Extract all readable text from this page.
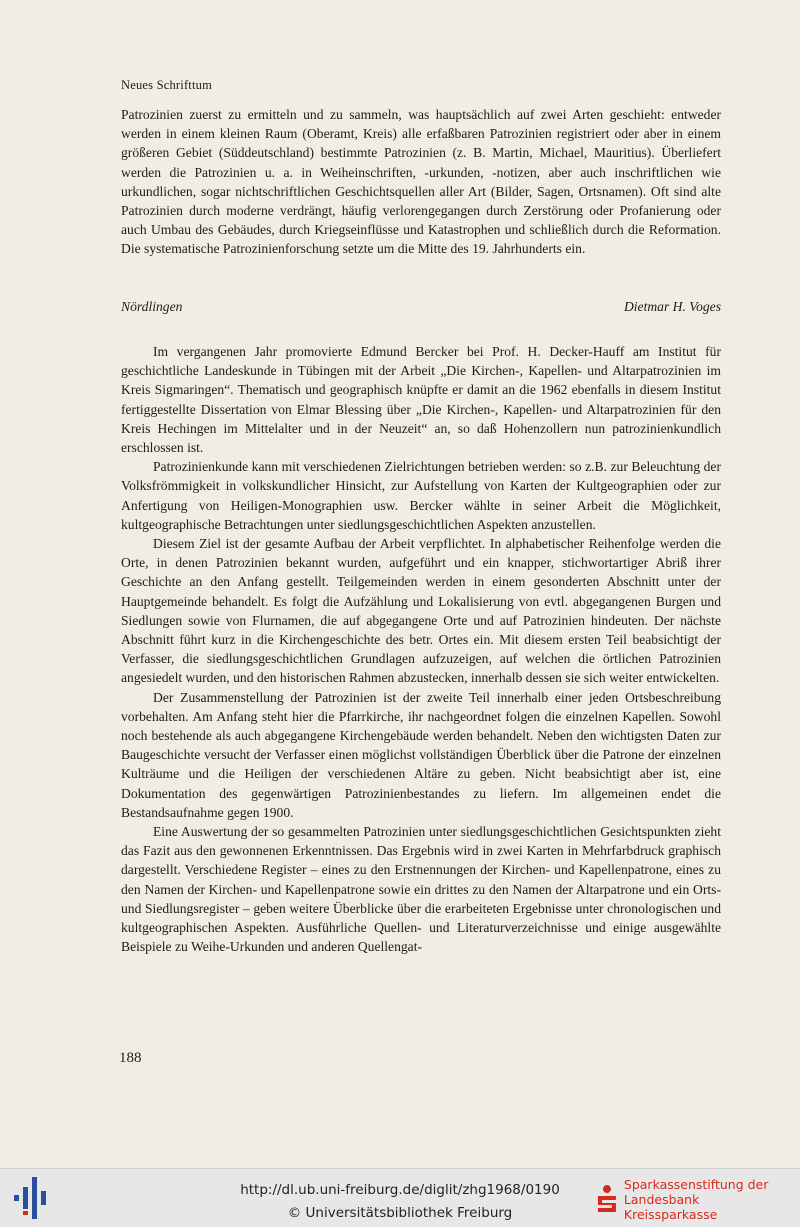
Neues Schrifttum

Patrozinien zuerst zu ermitteln und zu sammeln, was hauptsächlich auf zwei Arten geschieht: entweder werden in einem kleinen Raum (Oberamt, Kreis) alle erfaßbaren Patrozinien registriert oder aber in einem größeren Gebiet (Süddeutschland) bestimmte Patrozinien (z. B. Martin, Michael, Mauritius). Überliefert werden die Patrozinien u. a. in Weiheinschriften, -urkunden, -notizen, aber auch inschriftlichen wie urkundlichen, sogar nichtschriftlichen Geschichtsquellen aller Art (Bilder, Sagen, Ortsnamen). Oft sind alte Patrozinien durch moderne verdrängt, häufig verlorengegangen durch Zerstörung oder Profanierung oder auch Umbau des Gebäudes, durch Kriegseinflüsse und Katastrophen und schließlich durch die Reformation. Die systematische Patrozinienforschung setzte um die Mitte des 19. Jahrhunderts ein.

Nördlingen	Dietmar H. Voges

Im vergangenen Jahr promovierte Edmund Bercker bei Prof. H. Decker-Hauff am Institut für geschichtliche Landeskunde in Tübingen mit der Arbeit „Die Kirchen-, Kapellen- und Altarpatrozinien im Kreis Sigmaringen“. Thematisch und geographisch knüpfte er damit an die 1962 ebenfalls in diesem Institut fertiggestellte Dissertation von Elmar Blessing über „Die Kirchen-, Kapellen- und Altarpatrozinien für den Kreis Hechingen im Mittelalter und in der Neuzeit“ an, so daß Hohenzollern nun patrozinienkundlich erschlossen ist.

Patrozinienkunde kann mit verschiedenen Zielrichtungen betrieben werden: so z.B. zur Beleuchtung der Volksfrömmigkeit in volkskundlicher Hinsicht, zur Aufstellung von Karten der Kultgeographien oder zur Anfertigung von Heiligen-Monographien usw. Bercker wählte in seiner Arbeit die Möglichkeit, kultgeographische Betrachtungen unter siedlungsgeschichtlichen Aspekten anzustellen.

Diesem Ziel ist der gesamte Aufbau der Arbeit verpflichtet. In alphabetischer Reihenfolge werden die Orte, in denen Patrozinien bekannt wurden, aufgeführt und ein knapper, stichwortartiger Abriß ihrer Geschichte an den Anfang gestellt. Teilgemeinden werden in einem gesonderten Abschnitt unter der Hauptgemeinde behandelt. Es folgt die Aufzählung und Lokalisierung von evtl. abgegangenen Burgen und Siedlungen sowie von Flurnamen, die auf abgegangene Orte und auf Patrozinien hindeuten. Der nächste Abschnitt führt kurz in die Kirchengeschichte des betr. Ortes ein. Mit diesem ersten Teil beabsichtigt der Verfasser, die siedlungsgeschichtlichen Grundlagen aufzuzeigen, auf welchen die örtlichen Patrozinien angesiedelt wurden, und den historischen Rahmen abzustecken, innerhalb dessen sie sich weiter entwickelten.

Der Zusammenstellung der Patrozinien ist der zweite Teil innerhalb einer jeden Ortsbeschreibung vorbehalten. Am Anfang steht hier die Pfarrkirche, ihr nachgeordnet folgen die einzelnen Kapellen. Sowohl noch bestehende als auch abgegangene Kirchengebäude werden behandelt. Neben den wichtigsten Daten zur Baugeschichte versucht der Verfasser einen möglichst vollständigen Überblick über die Patrone der einzelnen Kulträume und die Heiligen der verschiedenen Altäre zu geben. Nicht beabsichtigt aber ist, eine Dokumentation des gegenwärtigen Patrozinienbestandes zu liefern. Im allgemeinen endet die Bestandsaufnahme gegen 1900.

Eine Auswertung der so gesammelten Patrozinien unter siedlungsgeschichtlichen Gesichtspunkten zieht das Fazit aus den gewonnenen Erkenntnissen. Das Ergebnis wird in zwei Karten in Mehrfarbdruck graphisch dargestellt. Verschiedene Register – eines zu den Erstnennungen der Kirchen- und Kapellenpatrone, eines zu den Namen der Kirchen- und Kapellenpatrone sowie ein drittes zu den Namen der Altarpatrone und ein Orts- und Siedlungsregister – geben weitere Überblicke über die erarbeiteten Ergebnisse unter chronologischen und kultgeographischen Aspekten. Ausführliche Quellen- und Literaturverzeichnisse und einige ausgewählte Beispiele zu Weihe-Urkunden und anderen Quellengat-

188
http://dl.ub.uni-freiburg.de/diglit/zhg1968/0190
© Universitätsbibliothek Freiburg
Sparkassenstiftung der
Landesbank Kreissparkasse
